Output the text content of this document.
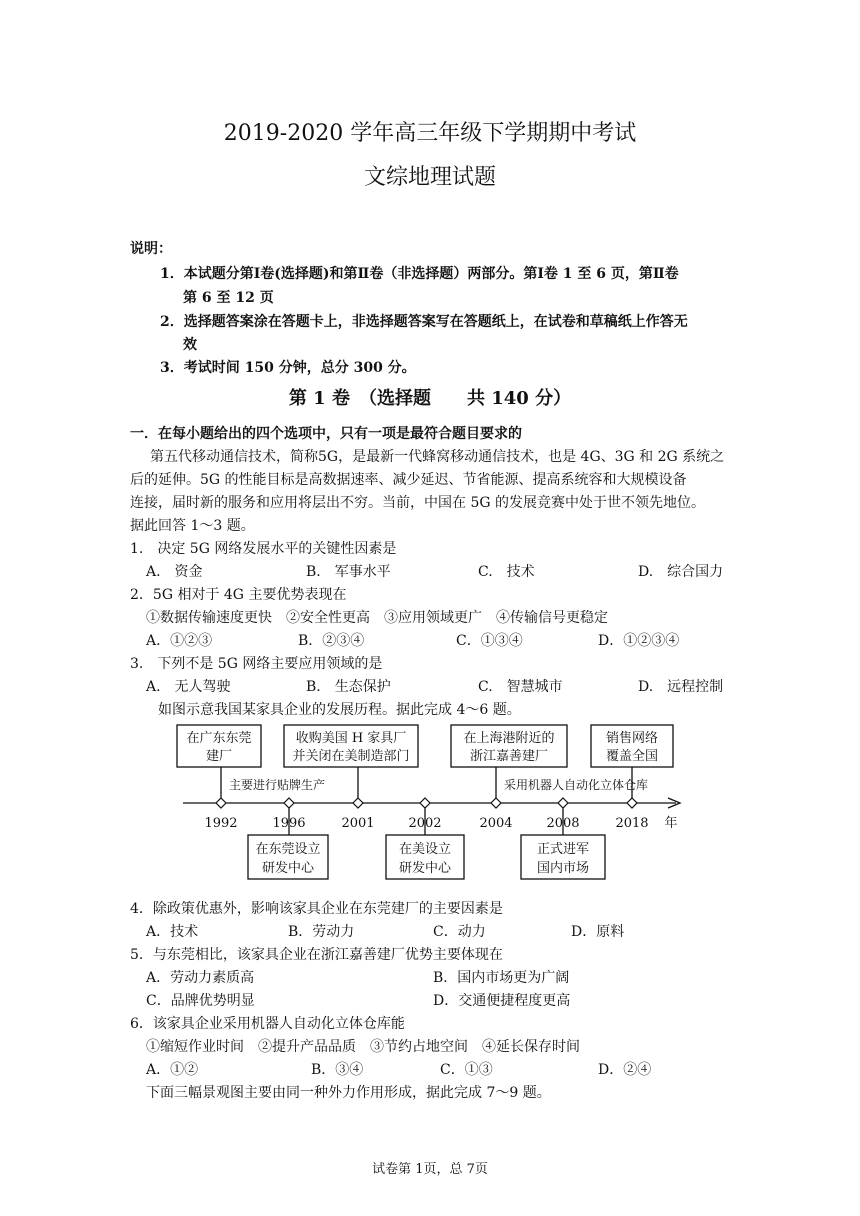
2019-2020 学年高三年级下学期期中考试
文综地理试题
说明：
1．本试题分第Ⅰ卷(选择题)和第Ⅱ卷（非选择题）两部分。第Ⅰ卷 1 至 6 页，第Ⅱ卷
第 6 至 12 页
2．选择题答案涂在答题卡上，非选择题答案写在答题纸上，在试卷和草稿纸上作答无
效
3．考试时间 150 分钟，总分 300 分。
第 1 卷　（选择题　　共 140 分）
一．在每小题给出的四个选项中，只有一项是最符合题目要求的
第五代移动通信技术，简称5G，是最新一代蜂窝移动通信技术，也是 4G、3G 和 2G 系统之
后的延伸。5G 的性能目标是高数据速率、减少延迟、节省能源、提高系统容和大规模设备
连接，届时新的服务和应用将层出不穷。当前，中国在 5G 的发展竞赛中处于世不领先地位。
据此回答 1～3 题。
1.　决定 5G 网络发展水平的关键性因素是
A.　资金	B.　军事水平	C.　技术	D.　综合国力
2．5G 相对于 4G 主要优势表现在
①数据传输速度更快　②安全性更高　③应用领域更广　④传输信号更稳定
A．①②③	B．②③④	C．①③④	D．①②③④
3.　下列不是 5G 网络主要应用领域的是
A.　无人驾驶	B.　生态保护	C.　智慧城市	D.　远程控制
如图示意我国某家具企业的发展历程。据此完成 4～6 题。
在广东东莞
建厂
收购美国 H 家具厂
并关闭在美制造部门
在上海港附近的
浙江嘉善建厂
销售网络
覆盖全国
在东莞设立
研发中心
在美设立
研发中心
正式进军
国内市场
主要进行贴牌生产	采用机器人自动化立体仓库
1992	1996	2001	2002	2004	2008	2018 年
4．除政策优惠外，影响该家具企业在东莞建厂的主要因素是
A．技术	B．劳动力	C．动力	D．原料
5．与东莞相比，该家具企业在浙江嘉善建厂优势主要体现在
A．劳动力素质高	B．国内市场更为广阔
C．品牌优势明显	D．交通便捷程度更高
6．该家具企业采用机器人自动化立体仓库能
①缩短作业时间　②提升产品品质　③节约占地空间　④延长保存时间
A．①②	B．③④	C．①③	D．②④
下面三幅景观图主要由同一种外力作用形成，据此完成 7～9 题。
试卷第 1页，总 7页
